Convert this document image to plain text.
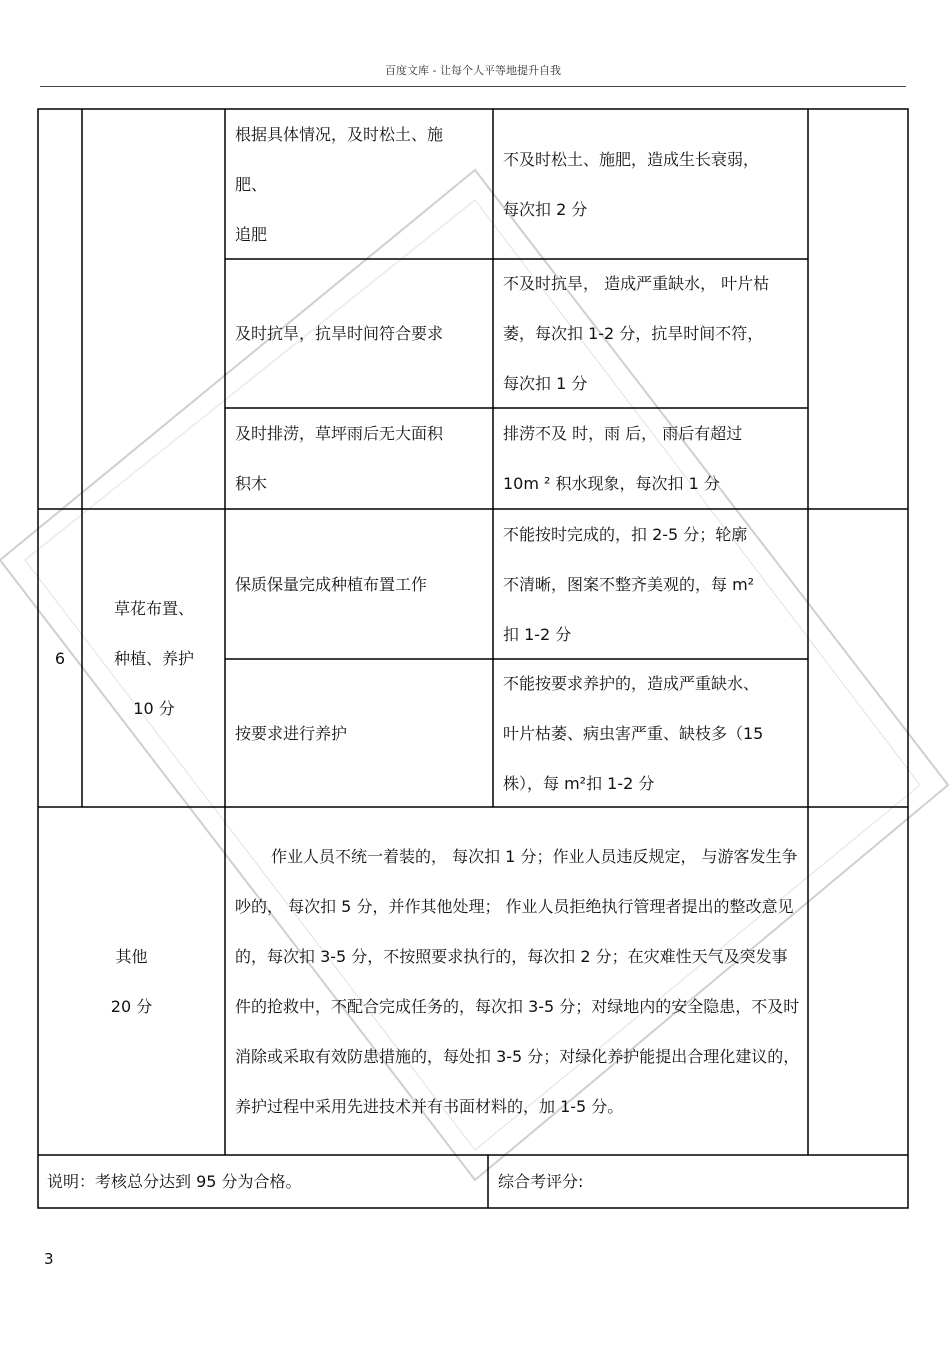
百度文库 - 让每个人平等地提升自我
根据具体情况，及时松土、施
肥、
追肥
不及时松土、施肥，造成生长衰弱，
每次扣 2 分
及时抗旱，抗旱时间符合要求
不及时抗旱， 造成严重缺水， 叶片枯
萎，每次扣 1-2 分，抗旱时间不符，
每次扣 1 分
及时排涝，草坪雨后无大面积
积木
排涝不及 时，雨 后， 雨后有超过
10m ² 积水现象，每次扣 1 分
6
草花布置、
种植、养护
10 分
保质保量完成种植布置工作
不能按时完成的，扣 2-5 分；轮廓
不清晰，图案不整齐美观的，每 m²
扣 1-2 分
按要求进行养护
不能按要求养护的，造成严重缺水、
叶片枯萎、病虫害严重、缺枝多（15
株），每 m²扣 1-2 分
其他
20 分
作业人员不统一着装的， 每次扣 1 分；作业人员违反规定， 与游客发生争吵的， 每次扣 5 分，并作其他处理； 作业人员拒绝执行管理者提出的整改意见的，每次扣 3-5 分，不按照要求执行的，每次扣 2 分；在灾难性天气及突发事件的抢救中，不配合完成任务的，每次扣 3-5 分；对绿地内的安全隐患，不及时消除或采取有效防患措施的，每处扣 3-5 分；对绿化养护能提出合理化建议的， 养护过程中采用先进技术并有书面材料的，加 1-5 分。
说明：考核总分达到 95 分为合格。	综合考评分:
3
